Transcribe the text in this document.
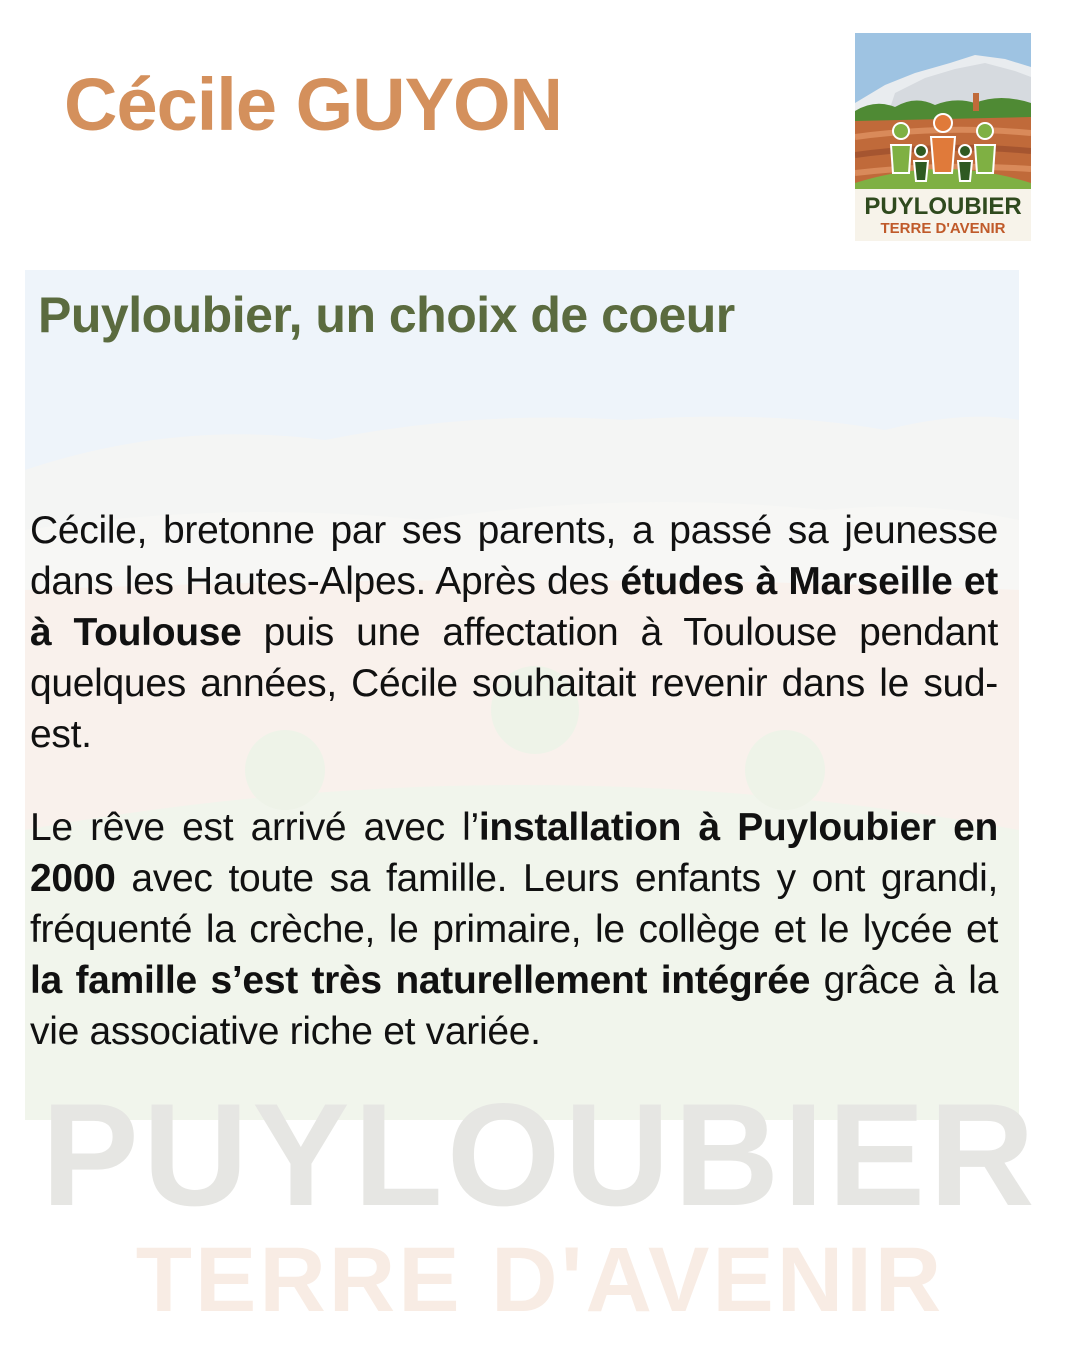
Cécile GUYON
PUYLOUBIER
TERRE D'AVENIR
Puyloubier, un choix de coeur

Cécile, bretonne par ses parents, a passé sa jeunesse dans les Hautes-Alpes. Après des études à Marseille et à Toulouse puis une affectation à Toulouse pendant quelques années, Cécile souhaitait revenir dans le sud-est.

Le rêve est arrivé avec l’installation à Puyloubier en 2000 avec toute sa famille. Leurs enfants y ont grandi, fréquenté la crèche, le primaire, le collège et le lycée et la famille s’est très naturellement intégrée grâce à la vie associative riche et variée.

PUYLOUBIER
TERRE D'AVENIR
